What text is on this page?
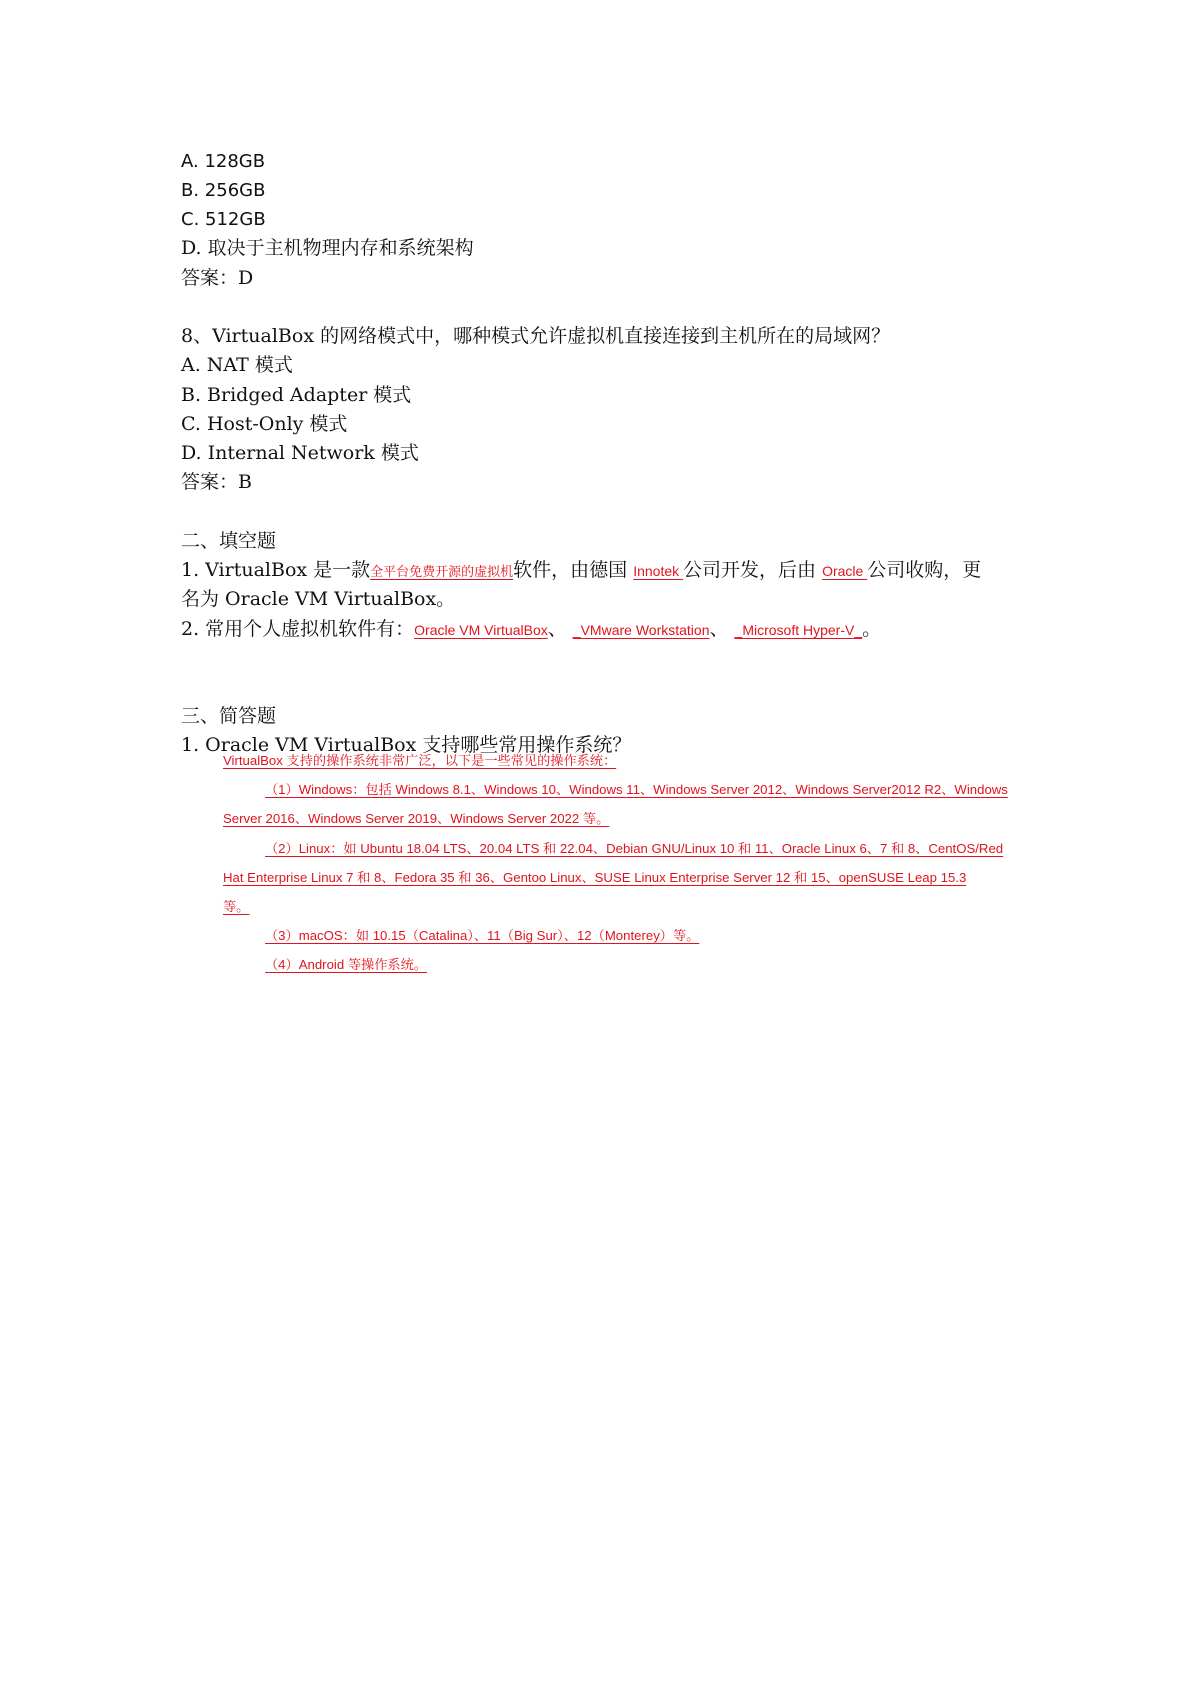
A. 128GB
B. 256GB
C. 512GB
D. 取决于主机物理内存和系统架构
答案：D
8、VirtualBox 的网络模式中，哪种模式允许虚拟机直接连接到主机所在的局域网？
A. NAT 模式
B. Bridged Adapter 模式
C. Host-Only 模式
D. Internal Network 模式
答案：B
二、填空题
1. VirtualBox 是一款全平台免费开源的虚拟机软件，由德国 Innotek 公司开发，后由 Oracle 公司收购，更
名为 Oracle VM VirtualBox。
2. 常用个人虚拟机软件有：Oracle VM VirtualBox、 _VMware Workstation、 _Microsoft Hyper-V_。
三、简答题
1. Oracle VM VirtualBox 支持哪些常用操作系统？
VirtualBox 支持的操作系统非常广泛，以下是一些常见的操作系统：
（1）Windows：包括 Windows 8.1、Windows 10、Windows 11、Windows Server 2012、Windows Server2012 R2、Windows
Server 2016、Windows Server 2019、Windows Server 2022 等。
（2）Linux：如 Ubuntu 18.04 LTS、20.04 LTS 和 22.04、Debian GNU/Linux 10 和 11、Oracle Linux 6、7 和 8、CentOS/Red
Hat Enterprise Linux 7 和 8、Fedora 35 和 36、Gentoo Linux、SUSE Linux Enterprise Server 12 和 15、openSUSE Leap 15.3
等。
（3）macOS：如 10.15（Catalina）、11（Big Sur）、12（Monterey）等。
（4）Android 等操作系统。
